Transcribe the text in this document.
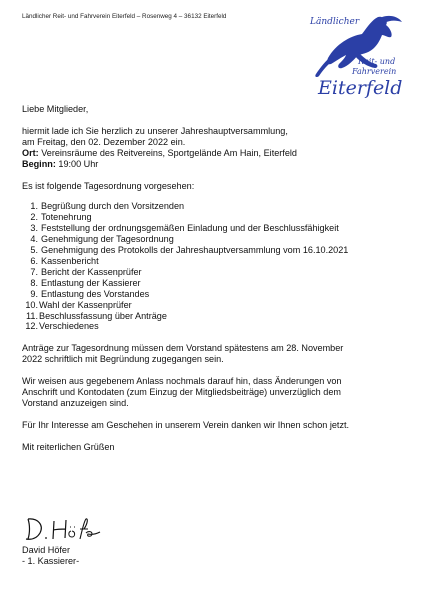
Ländlicher Reit- und Fahrverein Eiterfeld – Rosenweg 4 – 36132 Eiterfeld
Ländlicher
Reit- und
Fahrverein
Eiterfeld

Liebe Mitglieder,

hiermit lade ich Sie herzlich zu unserer Jahreshauptversammlung,

am Freitag, den 02. Dezember 2022 ein.

Ort: Vereinsräume des Reitvereins, Sportgelände Am Hain, Eiterfeld

Beginn: 19:00 Uhr

Es ist folgende Tagesordnung vorgesehen:

1. Begrüßung durch den Vorsitzenden
2. Totenehrung
3. Feststellung der ordnungsgemäßen Einladung und der Beschlussfähigkeit
4. Genehmigung der Tagesordnung
5. Genehmigung des Protokolls der Jahreshauptversammlung vom 16.10.2021
6. Kassenbericht
7. Bericht der Kassenprüfer
8. Entlastung der Kassierer
9. Entlastung des Vorstandes
10. Wahl der Kassenprüfer
11. Beschlussfassung über Anträge
12. Verschiedenes

Anträge zur Tagesordnung müssen dem Vorstand spätestens am 28. November

2022 schriftlich mit Begründung zugegangen sein.

Wir weisen aus gegebenem Anlass nochmals darauf hin, dass Änderungen von

Anschrift und Kontodaten (zum Einzug der Mitgliedsbeiträge) unverzüglich dem

Vorstand anzuzeigen sind.

Für Ihr Interesse am Geschehen in unserem Verein danken wir Ihnen schon jetzt.

Mit reiterlichen Grüßen

David Höfer
- 1. Kassierer-
